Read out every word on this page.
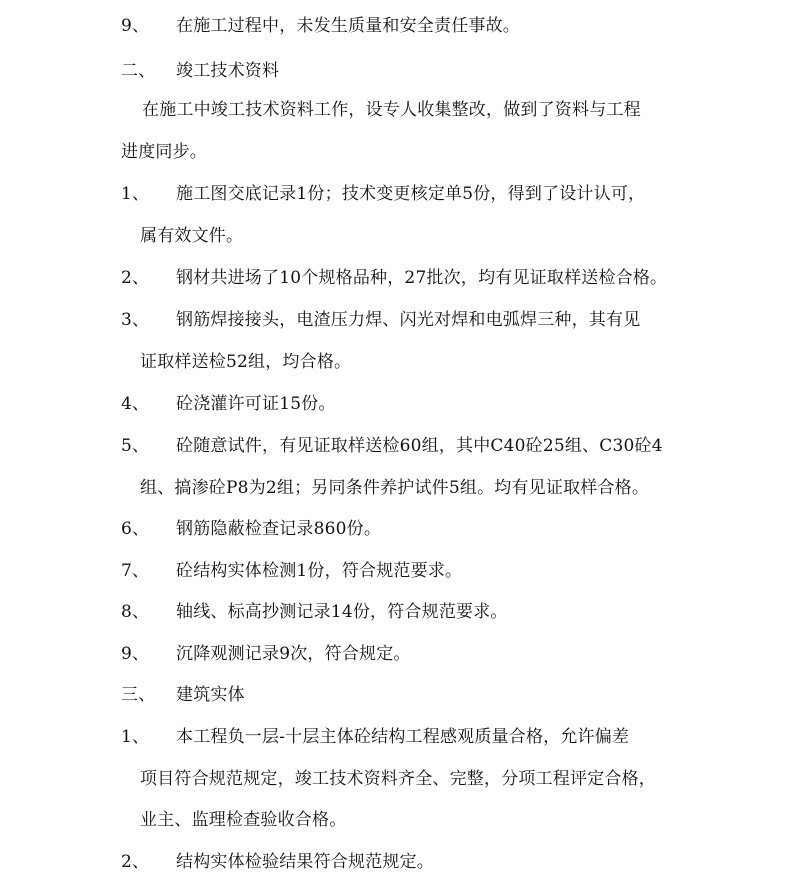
9、 在施工过程中，未发生质量和安全责任事故。
二、 竣工技术资料
在施工中竣工技术资料工作，设专人收集整改，做到了资料与工程
进度同步。
1、 施工图交底记录1份；技术变更核定单5份，得到了设计认可，
属有效文件。
2、 钢材共进场了10个规格品种，27批次，均有见证取样送检合格。
3、 钢筋焊接接头，电渣压力焊、闪光对焊和电弧焊三种，其有见
证取样送检52组，均合格。
4、 砼浇灌许可证15份。
5、 砼随意试件，有见证取样送检60组，其中C40砼25组、C30砼4
组、搞渗砼P8为2组；另同条件养护试件5组。均有见证取样合格。
6、 钢筋隐蔽检查记录860份。
7、 砼结构实体检测1份，符合规范要求。
8、 轴线、标高抄测记录14份，符合规范要求。
9、 沉降观测记录9次，符合规定。
三、 建筑实体
1、 本工程负一层-十层主体砼结构工程感观质量合格，允许偏差
项目符合规范规定，竣工技术资料齐全、完整，分项工程评定合格，
业主、监理检查验收合格。
2、 结构实体检验结果符合规范规定。
